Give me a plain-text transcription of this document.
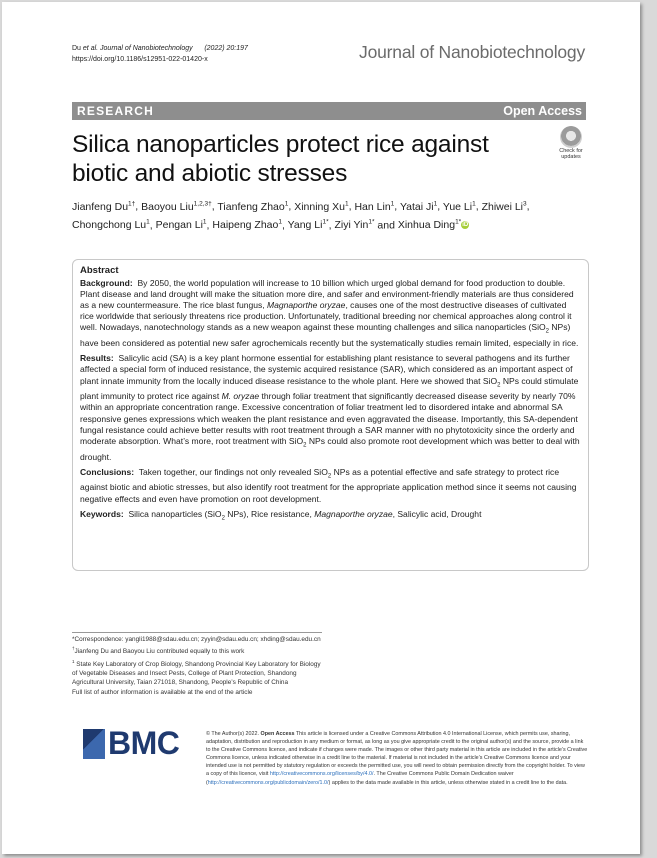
Du et al. Journal of Nanobiotechnology (2022) 20:197
https://doi.org/10.1186/s12951-022-01420-x	Journal of Nanobiotechnology
RESEARCH	Open Access
Silica nanoparticles protect rice against biotic and abiotic stresses
Check for
updates
Jianfeng $Du^{1\dagger}$, Baoyou Liu$^{1,2,3\dagger}$, Tianfeng Zhao$^1$, Xinning Xu$^1$, Han Lin$^1$, Yatai Ji$^1$, Yue Li$^1$, Zhiwei Li$^3$, Chongchong Lu$^1$, Pengan Li$^1$, Haipeng Zhao$^1$, Yang $Li^{1*}$, Ziyi Yin$^{1*}$ and Xinhua Ding$^{1*}$iD
Abstract

Background: By 2050, the world population will increase to 10 billion which urged global demand for food production to double. Plant disease and land drought will make the situation more dire, and safer and environment-friendly materials are thus considered as a new countermeasure. The rice blast fungus, Magnaporthe oryzae, causes one of the most destructive diseases of cultivated rice worldwide that seriously threatens rice production. Unfortunately, traditional breeding nor chemical approaches along control it well. Nowadays, nanotechnology stands as a new weapon against these mounting challenges and silica nanoparticles (SiO$_2$ NPs) have been considered as potential new safer agrochemicals recently but the systematically studies remain limited, especially in rice.

Results: Salicylic acid (SA) is a key plant hormone essential for establishing plant resistance to several pathogens and its further affected a special form of induced resistance, the systemic acquired resistance (SAR), which considered as an important aspect of plant innate immunity from the locally induced disease resistance to the whole plant. Here we showed that SiO$_2$ NPs could stimulate plant immunity to protect rice against M. oryzae through foliar treatment that significantly decreased disease severity by nearly 70% within an appropriate concentration range. Excessive concentration of foliar treatment led to disordered intake and abnormal SA responsive genes expressions which weaken the plant resistance and even aggravated the disease. Importantly, this SA-dependent fungal resistance could achieve better results with root treatment through a SAR manner with no phytotoxicity since the orderly and moderate absorption. What’s more, root treatment with SiO$_2$ NPs could also promote root development which was better to deal with drought.

Conclusions: Taken together, our findings not only revealed SiO$_2$ NPs as a potential effective and safe strategy to protect rice against biotic and abiotic stresses, but also identify root treatment for the appropriate application method since it seems not causing negative effects and even have promotion on root development.

Keywords: Silica nanoparticles (SiO$_2$ NPs), Rice resistance, Magnaporthe oryzae, Salicylic acid, Drought

*Correspondence: yangli1988@sdau.edu.cn; zyyin@sdau.edu.cn; xhding@sdau.edu.cn
†Jianfeng Du and Baoyou Liu contributed equally to this work
$^1$ State Key Laboratory of Crop Biology, Shandong Provincial Key Laboratory for Biology of Vegetable Diseases and Insect Pests, College of Plant Protection, Shandong Agricultural University, Taian 271018, Shandong, People’s Republic of China
Full list of author information is available at the end of the article
BMC	© The Author(s) 2022. Open Access This article is licensed under a Creative Commons Attribution 4.0 International License, which permits use, sharing, adaptation, distribution and reproduction in any medium or format, as long as you give appropriate credit to the original author(s) and the source, provide a link to the Creative Commons licence, and indicate if changes were made. The images or other third party material in this article are included in the article’s Creative Commons licence, unless indicated otherwise in a credit line to the material. If material is not included in the article’s Creative Commons licence and your intended use is not permitted by statutory regulation or exceeds the permitted use, you will need to obtain permission directly from the copyright holder. To view a copy of this licence, visit http://creativecommons.org/licenses/by/4.0/. The Creative Commons Public Domain Dedication waiver (http://creativecommons.org/publicdomain/zero/1.0/) applies to the data made available in this article, unless otherwise stated in a credit line to the data.
